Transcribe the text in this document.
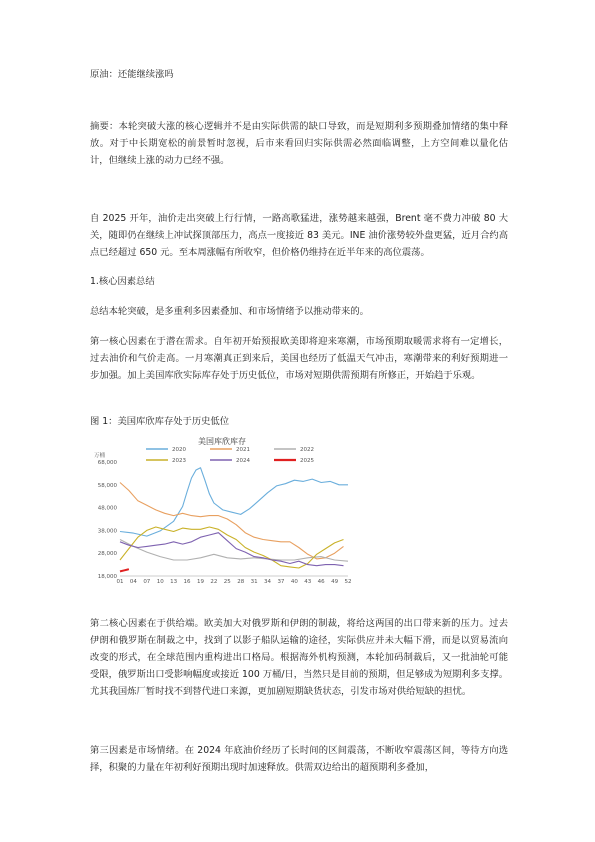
原油：还能继续涨吗

摘要：本轮突破大涨的核心逻辑并不是由实际供需的缺口导致，而是短期利多预期叠加情绪的集中释放。对于中长期宽松的前景暂时忽视，后市来看回归实际供需必然面临调整，上方空间难以量化估计，但继续上涨的动力已经不强。

自 2025 开年，油价走出突破上行行情，一路高歌猛进，涨势越来越强，Brent 毫不费力冲破 80 大关，随即仍在继续上冲试探顶部压力，高点一度接近 83 美元。INE 油价涨势较外盘更猛，近月合约高点已经超过 650 元。至本周涨幅有所收窄，但价格仍维持在近半年来的高位震荡。

1.核心因素总结

总结本轮突破，是多重利多因素叠加、和市场情绪予以推动带来的。

第一核心因素在于潜在需求。自年初开始预报欧美即将迎来寒潮，市场预期取暖需求将有一定增长，过去油价和气价走高。一月寒潮真正到来后，美国也经历了低温天气冲击，寒潮带来的利好预期进一步加强。加上美国库欣实际库存处于历史低位，市场对短期供需预期有所修正，开始趋于乐观。

图 1：美国库欣库存处于历史低位

美国库欣库存
万桶
2020	2021	2022
2023	2024	2025
18,000
28,000
38,000
48,000
58,000
68,000
01 04 07 10 13 16 19 22 25 28 31 34 37 40 43 46 49 52

第二核心因素在于供给端。欧美加大对俄罗斯和伊朗的制裁，将给这两国的出口带来新的压力。过去伊朗和俄罗斯在制裁之中，找到了以影子船队运输的途径，实际供应并未大幅下滑，而是以贸易流向改变的形式，在全球范围内重构进出口格局。根据海外机构预测，本轮加码制裁后，又一批油轮可能受限，俄罗斯出口受影响幅度或接近 100 万桶/日，当然只是目前的预期，但足够成为短期利多支撑。尤其我国炼厂暂时找不到替代进口来源，更加剧短期缺货状态，引发市场对供给短缺的担忧。

第三因素是市场情绪。在 2024 年底油价经历了长时间的区间震荡，不断收窄震荡区间，等待方向选择，积聚的力量在年初利好预期出现时加速释放。供需双边给出的超预期利多叠加，
